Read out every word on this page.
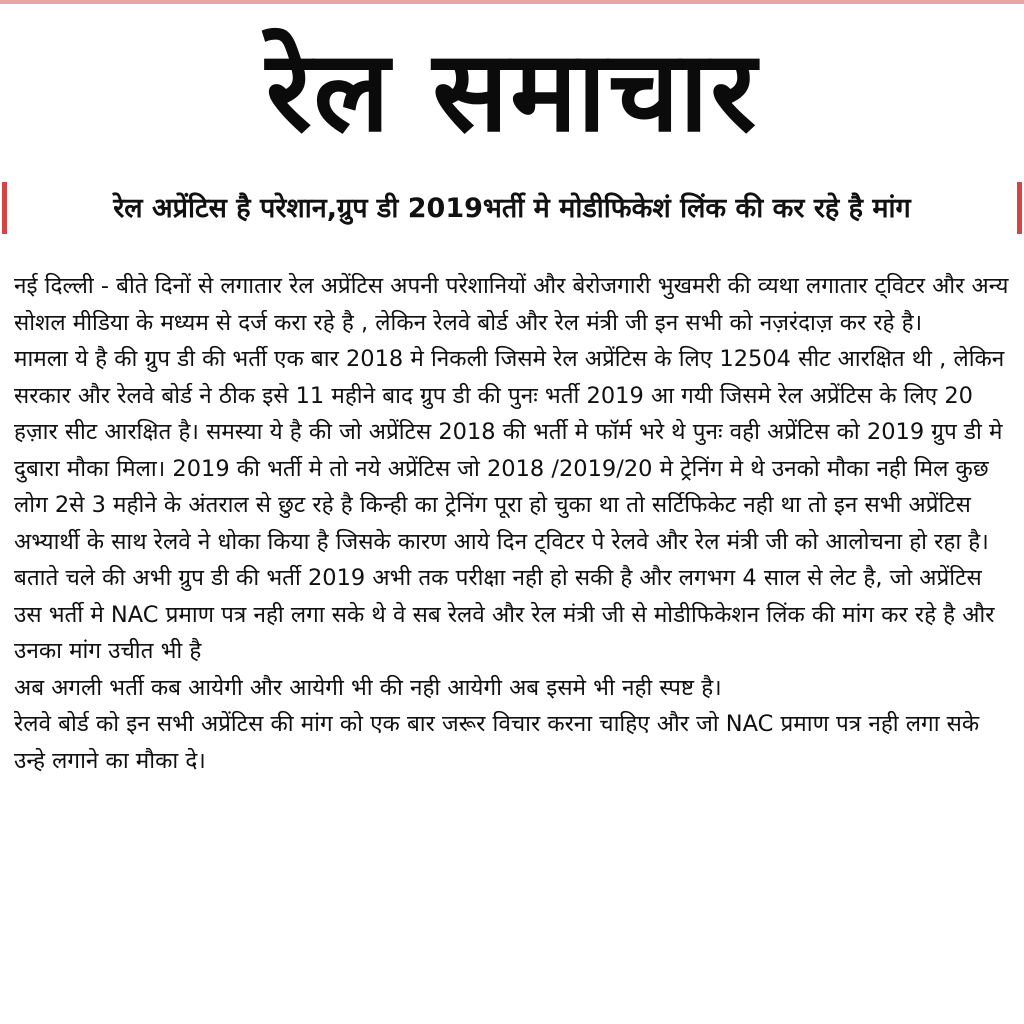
रेल समाचार
रेल अप्रेंटिस है परेशान,ग्रुप डी 2019भर्ती मे मोडीफिकेशं लिंक की कर रहे है मांग

नई दिल्ली - बीते दिनों से लगातार रेल अप्रेंटिस अपनी परेशानियों और बेरोजगारी भुखमरी की व्यथा लगातार ट्विटर और अन्य सोशल मीडिया के मध्यम से दर्ज करा रहे है , लेकिन रेलवे बोर्ड और रेल मंत्री जी इन सभी को नज़रंदाज़ कर रहे है।

मामला ये है की ग्रुप डी की भर्ती एक बार 2018 मे निकली जिसमे रेल अप्रेंटिस के लिए 12504 सीट आरक्षित थी , लेकिन सरकार और रेलवे बोर्ड ने ठीक इसे 11 महीने बाद ग्रुप डी की पुनः भर्ती 2019 आ गयी जिसमे रेल अप्रेंटिस के लिए 20 हज़ार सीट आरक्षित है। समस्या ये है की जो अप्रेंटिस 2018 की भर्ती मे फॉर्म भरे थे पुनः वही अप्रेंटिस को 2019 ग्रुप डी मे दुबारा मौका मिला। 2019 की भर्ती मे तो नये अप्रेंटिस जो 2018 /2019/20 मे ट्रेनिंग मे थे उनको मौका नही मिल कुछ लोग 2से 3 महीने के अंतराल से छुट रहे है किन्ही का ट्रेनिंग पूरा हो चुका था तो सर्टिफिकेट नही था तो इन सभी अप्रेंटिस अभ्यार्थी के साथ रेलवे ने धोका किया है जिसके कारण आये दिन ट्विटर पे रेलवे और रेल मंत्री जी को आलोचना हो रहा है।

बताते चले की अभी ग्रुप डी की भर्ती 2019 अभी तक परीक्षा नही हो सकी है और लगभग 4 साल से लेट है, जो अप्रेंटिस उस भर्ती मे NAC प्रमाण पत्र नही लगा सके थे वे सब रेलवे और रेल मंत्री जी से मोडीफिकेशन लिंक की मांग कर रहे है और उनका मांग उचीत भी है

अब अगली भर्ती कब आयेगी और आयेगी भी की नही आयेगी अब इसमे भी नही स्पष्ट है।

रेलवे बोर्ड को इन सभी अप्रेंटिस की मांग को एक बार जरूर विचार करना चाहिए और जो NAC प्रमाण पत्र नही लगा सके उन्हे लगाने का मौका दे।
